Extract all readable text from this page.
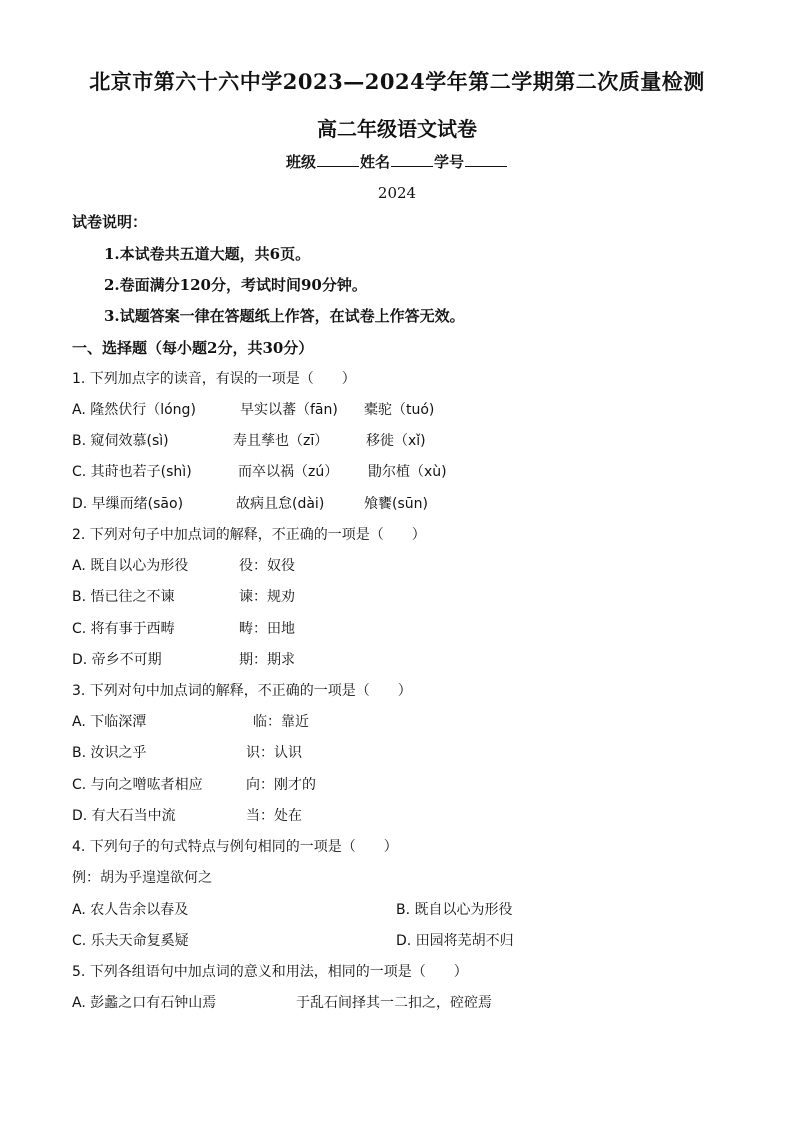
北京市第六十六中学2023—2024学年第二学期第二次质量检测
高二年级语文试卷
班级	姓名	学号
2024
试卷说明：
1.本试卷共五道大题，共6页。
2.卷面满分120分，考试时间90分钟。
3.试题答案一律在答题纸上作答，在试卷上作答无效。
一、选择题（每小题2分，共30分）
1. 下列加点字的读音，有误的一项是（　　）
A. 隆然伏行（lóng)	早实以蕃（fān) 橐驼（tuó)
B. 窥伺效慕(sì)	寿且孳也（zī）	移徙（xǐ)
C. 其莳也若子(shì)	而卒以祸（zú） 勖尔植（xù)
D. 早缫而绪(sāo)	故病且怠(dài)	飧饔(sūn)
2. 下列对句子中加点词的解释，不正确的一项是（　　）
A. 既自以心为形役	役：奴役
B. 悟已往之不谏	谏：规劝
C. 将有事于西畴	畴：田地
D. 帝乡不可期	期：期求
3. 下列对句中加点词的解释，不正确的一项是（　　）
A. 下临深潭	临：靠近
B. 汝识之乎	识：认识
C. 与向之噌吰者相应	向：刚才的
D. 有大石当中流	当：处在
4. 下列句子的句式特点与例句相同的一项是（　　）
例：胡为乎遑遑欲何之
A. 农人告余以春及	B. 既自以心为形役
C. 乐夫天命复奚疑	D. 田园将芜胡不归
5. 下列各组语句中加点词的意义和用法，相同的一项是（　　）
A. 彭蠡之口有石钟山焉	于乱石间择其一二扣之，硿硿焉
